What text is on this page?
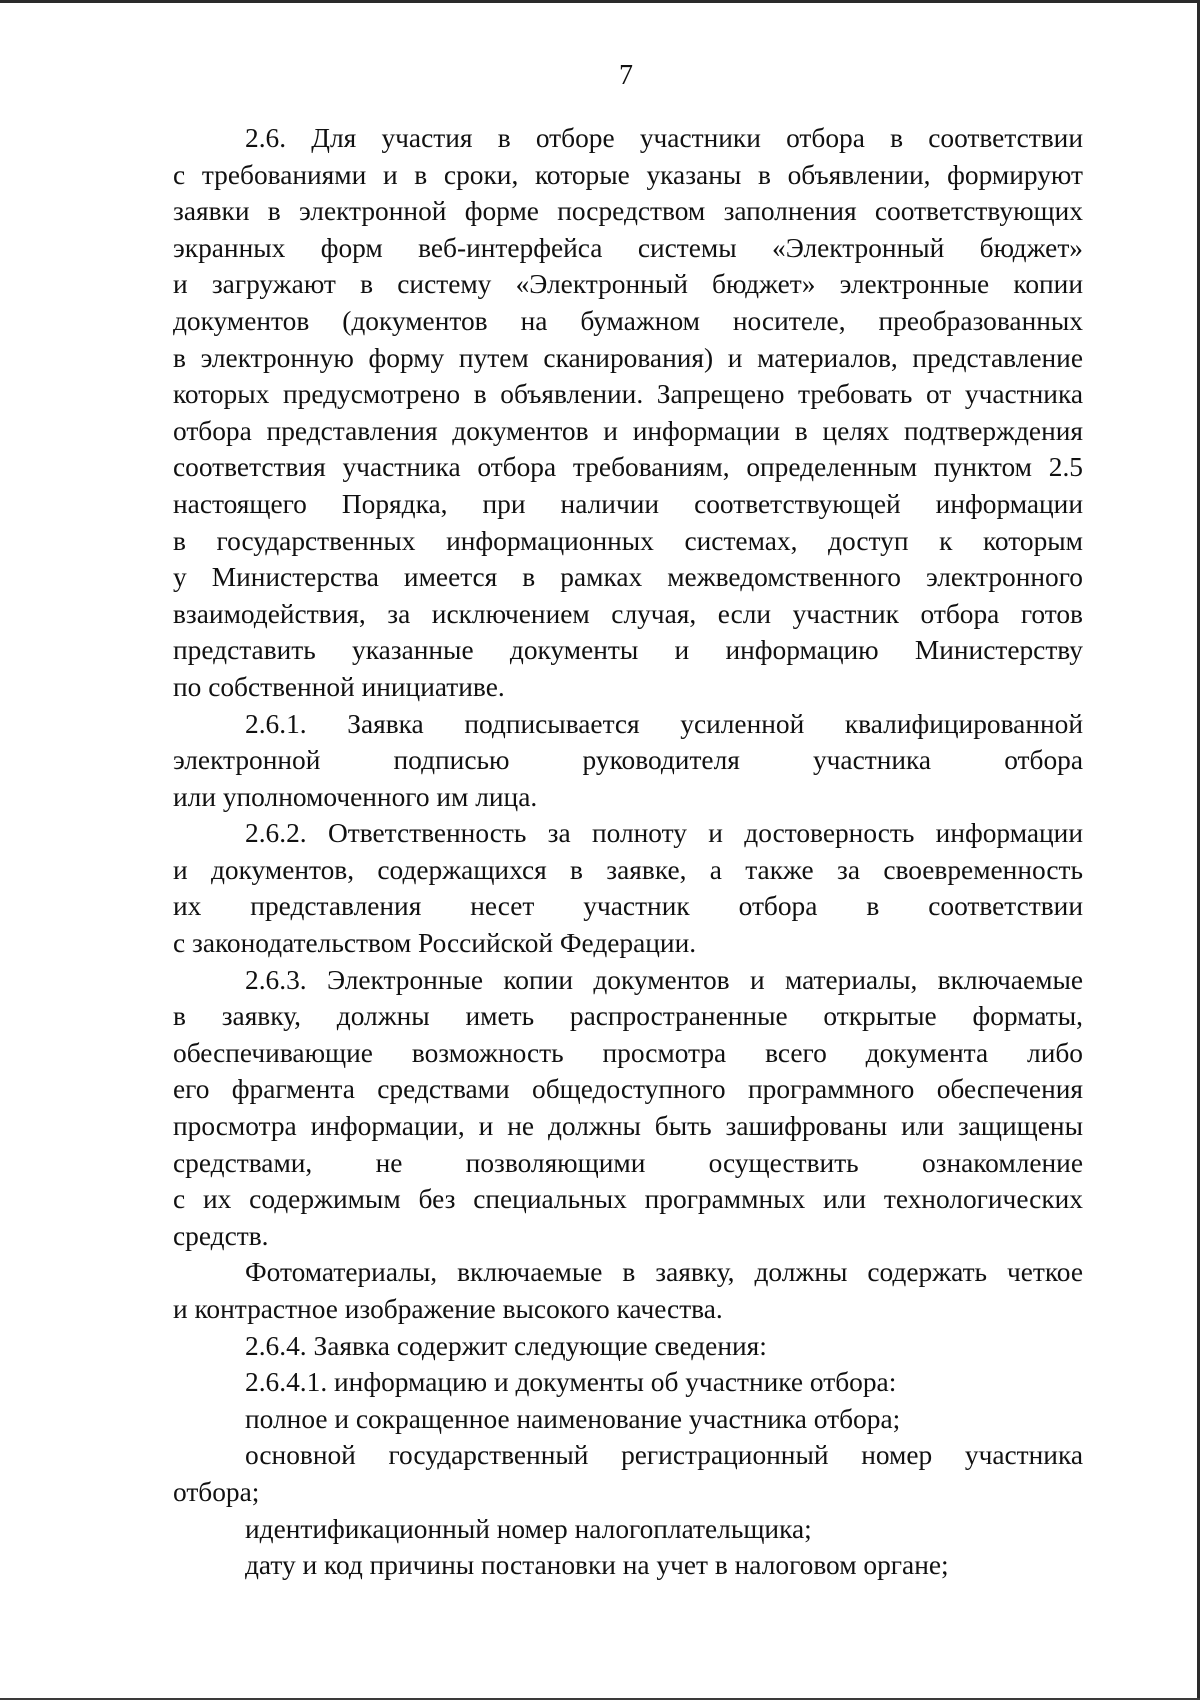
7
2.6. Для участия в отборе участники отбора в соответствии
с требованиями и в сроки, которые указаны в объявлении, формируют
заявки в электронной форме посредством заполнения соответствующих
экранных форм веб-интерфейса системы «Электронный бюджет»
и загружают в систему «Электронный бюджет» электронные копии
документов (документов на бумажном носителе, преобразованных
в электронную форму путем сканирования) и материалов, представление
которых предусмотрено в объявлении. Запрещено требовать от участника
отбора представления документов и информации в целях подтверждения
соответствия участника отбора требованиям, определенным пунктом 2.5
настоящего Порядка, при наличии соответствующей информации
в государственных информационных системах, доступ к которым
у Министерства имеется в рамках межведомственного электронного
взаимодействия, за исключением случая, если участник отбора готов
представить указанные документы и информацию Министерству
по собственной инициативе.
2.6.1. Заявка подписывается усиленной квалифицированной
электронной подписью руководителя участника отбора
или уполномоченного им лица.
2.6.2. Ответственность за полноту и достоверность информации
и документов, содержащихся в заявке, а также за своевременность
их представления несет участник отбора в соответствии
с законодательством Российской Федерации.
2.6.3. Электронные копии документов и материалы, включаемые
в заявку, должны иметь распространенные открытые форматы,
обеспечивающие возможность просмотра всего документа либо
его фрагмента средствами общедоступного программного обеспечения
просмотра информации, и не должны быть зашифрованы или защищены
средствами, не позволяющими осуществить ознакомление
с их содержимым без специальных программных или технологических
средств.
Фотоматериалы, включаемые в заявку, должны содержать четкое
и контрастное изображение высокого качества.
2.6.4. Заявка содержит следующие сведения:
2.6.4.1. информацию и документы об участнике отбора:
полное и сокращенное наименование участника отбора;
основной государственный регистрационный номер участника
отбора;
идентификационный номер налогоплательщика;
дату и код причины постановки на учет в налоговом органе;
